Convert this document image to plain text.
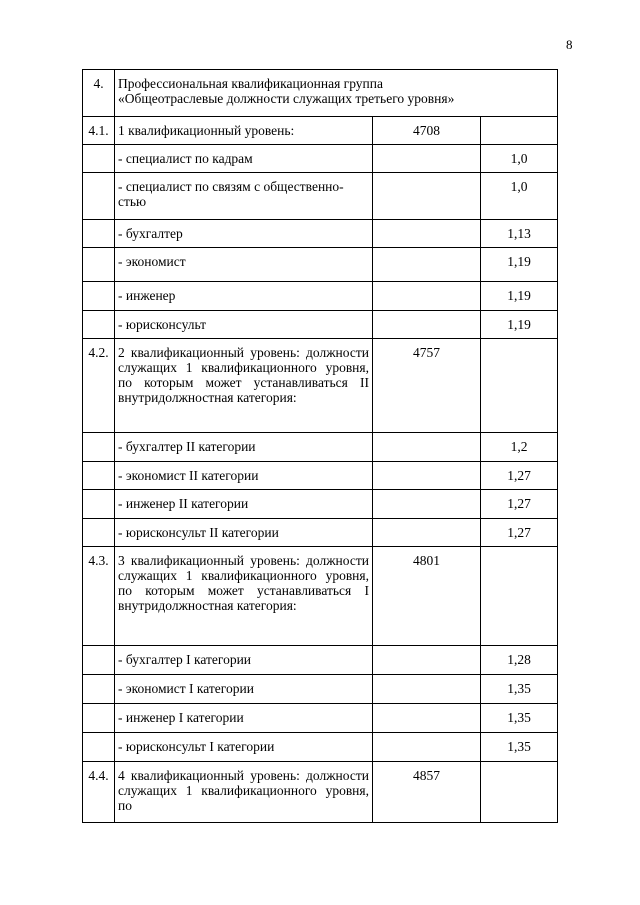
8
4.	Профессиональная квалификационная группа
«Общеотраслевые должности служащих третьего уровня»		

4.1.	1 квалификационный уровень:	4708	
	- специалист по кадрам		1,0
	- специалист по связям с общественно-стью		1,0
	- бухгалтер		1,13
	- экономист		1,19
	- инженер		1,19
	- юрисконсульт		1,19
4.2.	2 квалификационный уровень: должности служащих 1 квалификационного уровня, по которым может устанавливаться II внутридолжностная категория:	4757	
	- бухгалтер II категории		1,2
	- экономист II категории		1,27
	- инженер II категории		1,27
	- юрисконсульт II категории		1,27
4.3.	3 квалификационный уровень: должности служащих 1 квалификационного уровня, по которым может устанавливаться I внутридолжностная категория:	4801	
	- бухгалтер I категории		1,28
	- экономист I категории		1,35
	- инженер I категории		1,35
	- юрисконсульт I категории		1,35
4.4.	4 квалификационный уровень: должности служащих 1 квалификационного уровня, по	4857	
